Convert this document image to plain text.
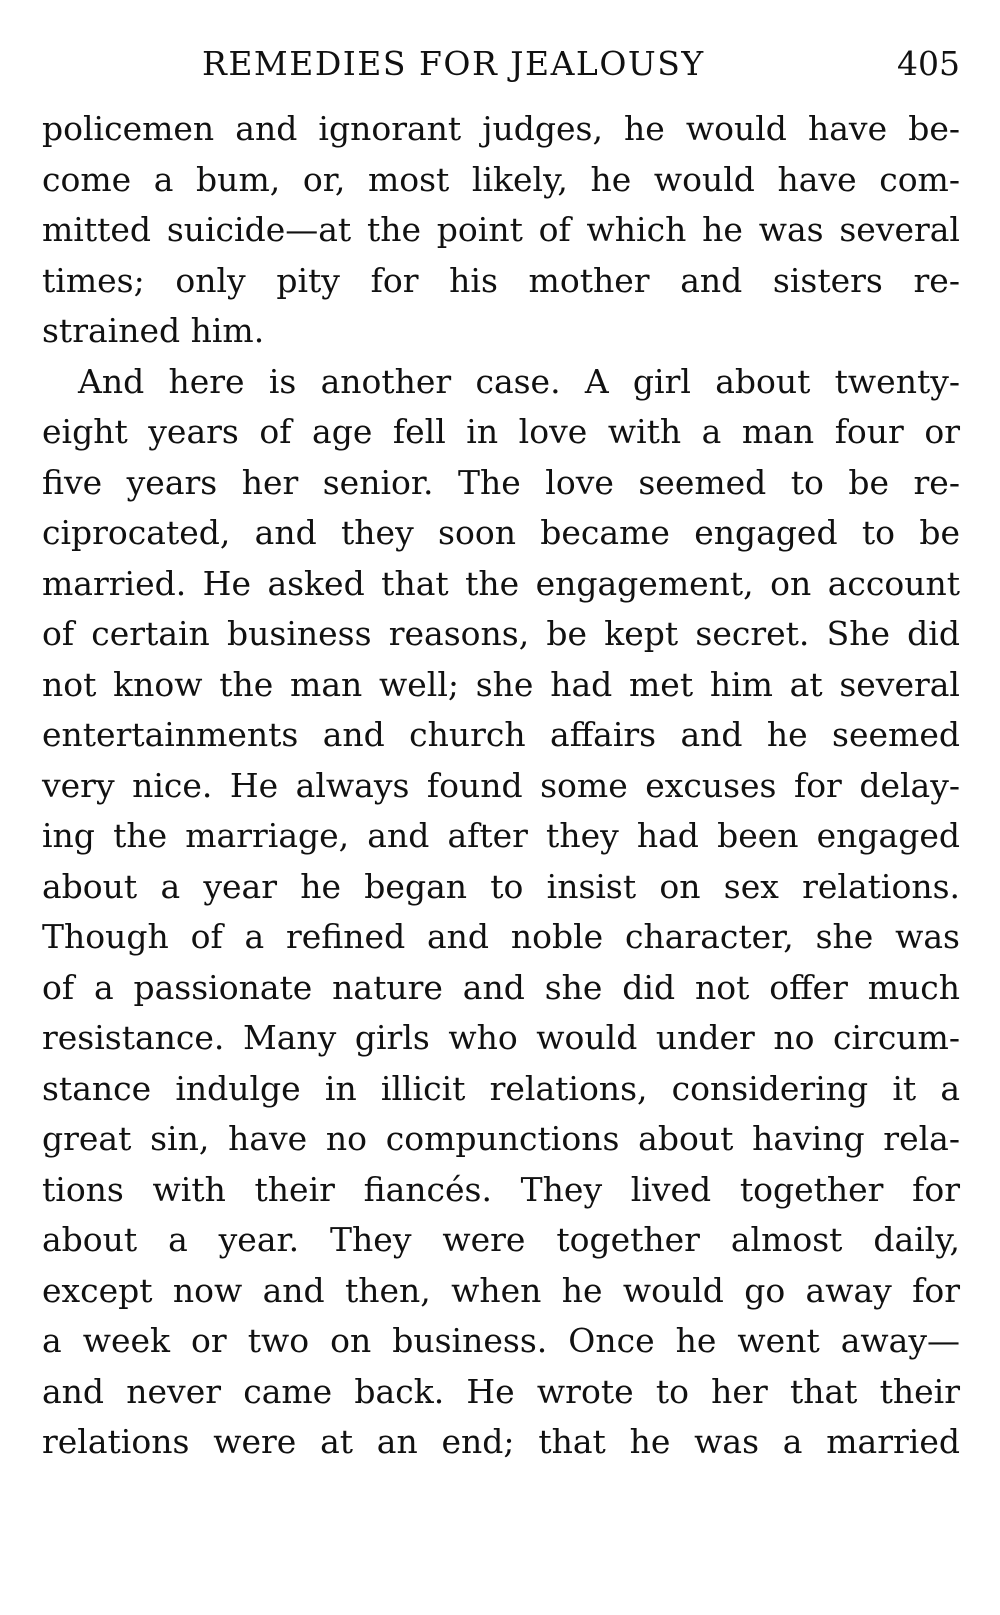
REMEDIES FOR JEALOUSY	405
policemen and ignorant judges, he would have be-
come a bum, or, most likely, he would have com-
mitted suicide—at the point of which he was several
times; only pity for his mother and sisters re-
strained him.
And here is another case. A girl about twenty-
eight years of age fell in love with a man four or
five years her senior. The love seemed to be re-
ciprocated, and they soon became engaged to be
married. He asked that the engagement, on account
of certain business reasons, be kept secret. She did
not know the man well; she had met him at several
entertainments and church affairs and he seemed
very nice. He always found some excuses for delay-
ing the marriage, and after they had been engaged
about a year he began to insist on sex relations.
Though of a refined and noble character, she was
of a passionate nature and she did not offer much
resistance. Many girls who would under no circum-
stance indulge in illicit relations, considering it a
great sin, have no compunctions about having rela-
tions with their fiancés. They lived together for
about a year. They were together almost daily,
except now and then, when he would go away for
a week or two on business. Once he went away—
and never came back. He wrote to her that their
relations were at an end; that he was a married
